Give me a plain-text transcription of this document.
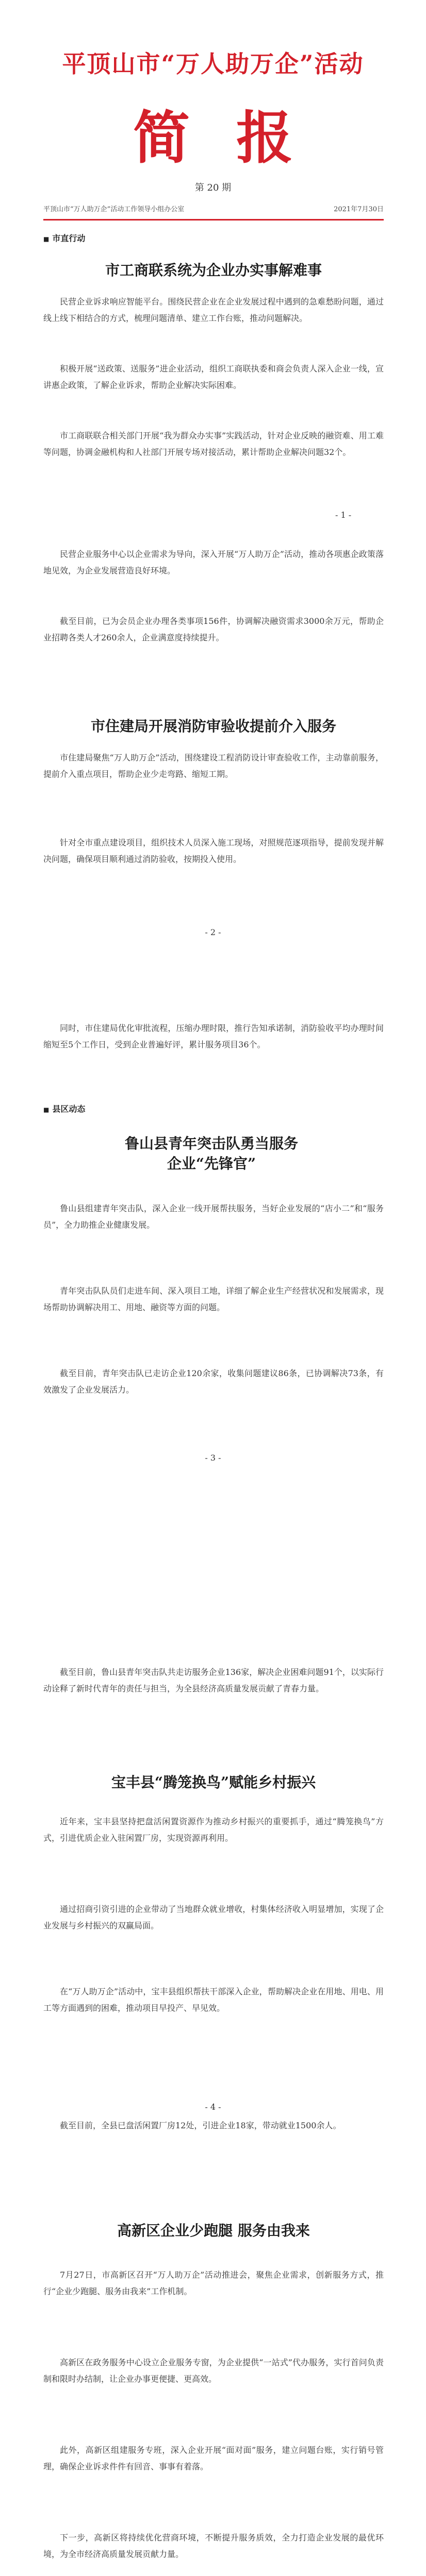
平顶山市“万人助万企”活动
简报
第 20 期
平顶山市“万人助万企”活动工作领导小组办公室	2021年7月30日
■ 市直行动
市工商联系统为企业办实事解难事

民营企业诉求响应智能平台。围绕民营企业在企业发展过程中遇到的急难愁盼问题，通过线上线下相结合的方式，梳理问题清单、建立工作台账，推动问题解决。

积极开展“送政策、送服务”进企业活动，组织工商联执委和商会负责人深入企业一线，宣讲惠企政策，了解企业诉求，帮助企业解决实际困难。

市工商联联合相关部门开展“我为群众办实事”实践活动，针对企业反映的融资难、用工难等问题，协调金融机构和人社部门开展专场对接活动，累计帮助企业解决问题32个。

- 1 -

民营企业服务中心以企业需求为导向，深入开展“万人助万企”活动，推动各项惠企政策落地见效，为企业发展营造良好环境。

截至目前，已为会员企业办理各类事项156件，协调解决融资需求3000余万元，帮助企业招聘各类人才260余人，企业满意度持续提升。

市住建局开展消防审验收提前介入服务

市住建局聚焦“万人助万企”活动，围绕建设工程消防设计审查验收工作，主动靠前服务，提前介入重点项目，帮助企业少走弯路、缩短工期。

针对全市重点建设项目，组织技术人员深入施工现场，对照规范逐项指导，提前发现并解决问题，确保项目顺利通过消防验收，按期投入使用。

- 2 -

同时，市住建局优化审批流程，压缩办理时限，推行告知承诺制，消防验收平均办理时间缩短至5个工作日，受到企业普遍好评，累计服务项目36个。

■ 县区动态
鲁山县青年突击队勇当服务企业“先锋官”

鲁山县组建青年突击队，深入企业一线开展帮扶服务，当好企业发展的“店小二”和“服务员”，全力助推企业健康发展。

青年突击队队员们走进车间、深入项目工地，详细了解企业生产经营状况和发展需求，现场帮助协调解决用工、用地、融资等方面的问题。

截至目前，青年突击队已走访企业120余家，收集问题建议86条，已协调解决73条，有效激发了企业发展活力。

- 3 -

截至目前，鲁山县青年突击队共走访服务企业136家，解决企业困难问题91个，以实际行动诠释了新时代青年的责任与担当，为全县经济高质量发展贡献了青春力量。

宝丰县“腾笼换鸟”赋能乡村振兴

近年来，宝丰县坚持把盘活闲置资源作为推动乡村振兴的重要抓手，通过“腾笼换鸟”方式，引进优质企业入驻闲置厂房，实现资源再利用。

通过招商引资引进的企业带动了当地群众就业增收，村集体经济收入明显增加，实现了企业发展与乡村振兴的双赢局面。

在“万人助万企”活动中，宝丰县组织帮扶干部深入企业，帮助解决企业在用地、用电、用工等方面遇到的困难，推动项目早投产、早见效。

- 4 -

截至目前，全县已盘活闲置厂房12处，引进企业18家，带动就业1500余人。

高新区企业少跑腿 服务由我来

7月27日，市高新区召开“万人助万企”活动推进会，聚焦企业需求，创新服务方式，推行“企业少跑腿、服务由我来”工作机制。

高新区在政务服务中心设立企业服务专窗，为企业提供“一站式”代办服务，实行首问负责制和限时办结制，让企业办事更便捷、更高效。

此外，高新区组建服务专班，深入企业开展“面对面”服务，建立问题台账，实行销号管理，确保企业诉求件件有回音、事事有着落。

下一步，高新区将持续优化营商环境，不断提升服务质效，全力打造企业发展的最优环境，为全市经济高质量发展贡献力量。
